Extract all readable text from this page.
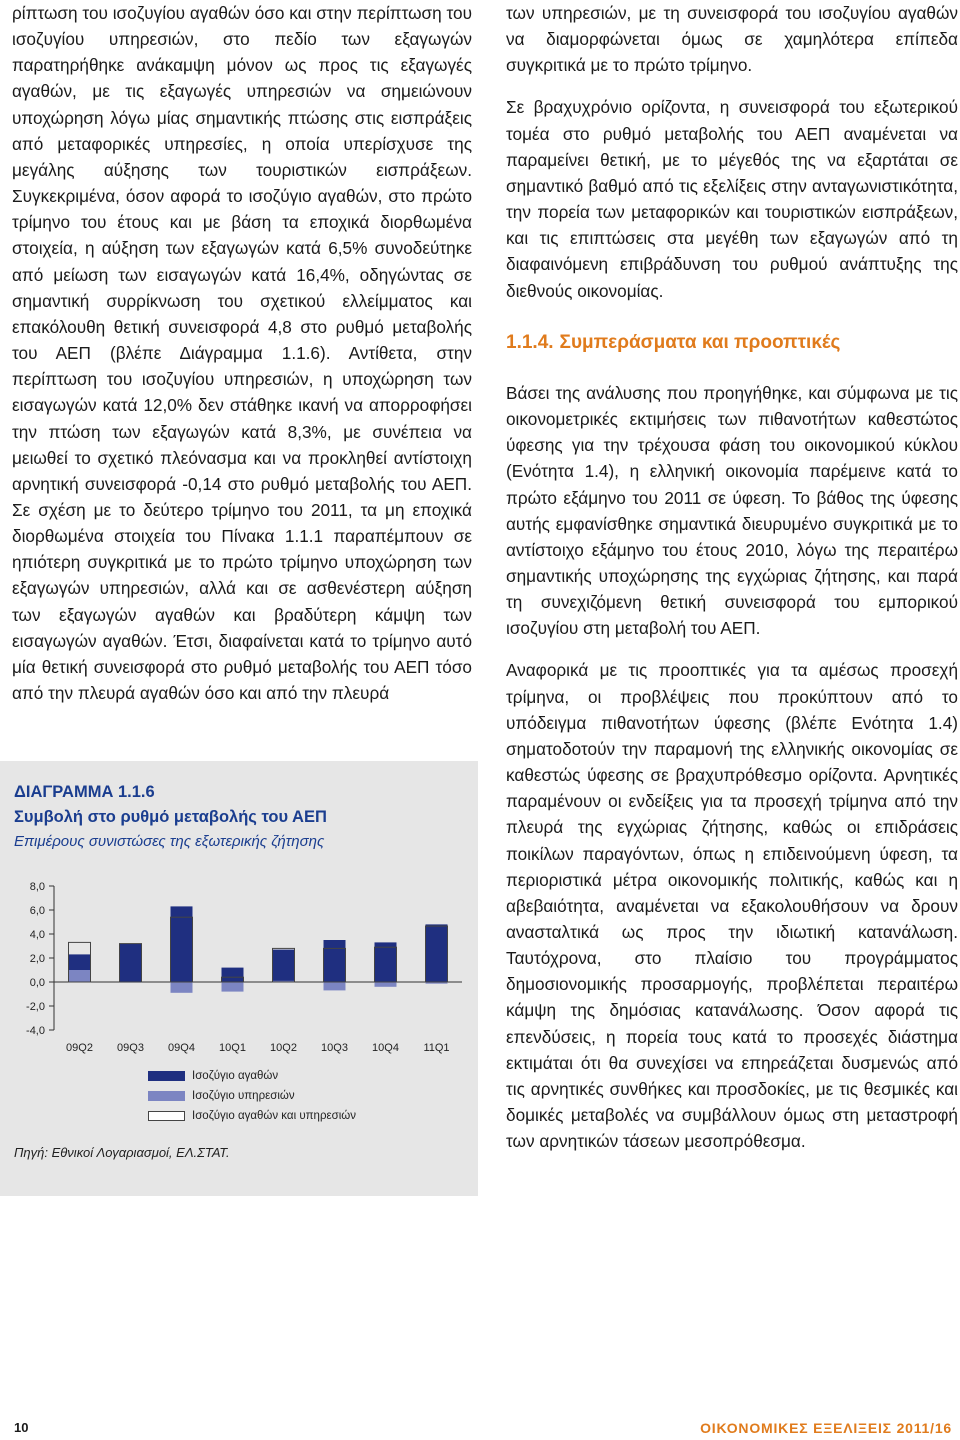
ρίπτωση του ισοζυγίου αγαθών όσο και στην περίπτωση του ισοζυγίου υπηρεσιών, στο πεδίο των εξαγωγών παρατηρήθηκε ανάκαμψη μόνον ως προς τις εξαγωγές αγαθών, με τις εξαγωγές υπηρεσιών να σημειώνουν υποχώρηση λόγω μίας σημαντικής πτώσης στις εισπράξεις από μεταφορικές υπηρεσίες, η οποία υπερίσχυσε της μεγάλης αύξησης των τουριστικών εισπράξεων. Συγκεκριμένα, όσον αφορά το ισοζύγιο αγαθών, στο πρώτο τρίμηνο του έτους και με βάση τα εποχικά διορθωμένα στοιχεία, η αύξηση των εξαγωγών κατά 6,5% συνοδεύτηκε από μείωση των εισαγωγών κατά 16,4%, οδηγώντας σε σημαντική συρρίκνωση του σχετικού ελλείμματος και επακόλουθη θετική συνεισφορά 4,8 στο ρυθμό μεταβολής του ΑΕΠ (βλέπε Διάγραμμα 1.1.6). Αντίθετα, στην περίπτωση του ισοζυγίου υπηρεσιών, η υποχώρηση των εισαγωγών κατά 12,0% δεν στάθηκε ικανή να απορροφήσει την πτώση των εξαγωγών κατά 8,3%, με συνέπεια να μειωθεί το σχετικό πλεόνασμα και να προκληθεί αντίστοιχη αρνητική συνεισφορά -0,14 στο ρυθμό μεταβολής του ΑΕΠ. Σε σχέση με το δεύτερο τρίμηνο του 2011, τα μη εποχικά διορθωμένα στοιχεία του Πίνακα 1.1.1 παραπέμπουν σε ηπιότερη συγκριτικά με το πρώτο τρίμηνο υποχώρηση των εξαγωγών υπηρεσιών, αλλά και σε ασθενέστερη αύξηση των εξαγωγών αγαθών και βραδύτερη κάμψη των εισαγωγών αγαθών. Έτσι, διαφαίνεται κατά το τρίμηνο αυτό μία θετική συνεισφορά στο ρυθμό μεταβολής του ΑΕΠ τόσο από την πλευρά αγαθών όσο και από την πλευρά

ΔΙΑΓΡΑΜΜΑ 1.1.6
Συμβολή στο ρυθμό μεταβολής του ΑΕΠ
Επιμέρους συνιστώσες της εξωτερικής ζήτησης
8,0
6,0
4,0
2,0
0,0
-2,0
-4,0
09Q2 09Q3 09Q4 10Q1 10Q2 10Q3 10Q4 11Q1
Ισοζύγιο αγαθών
Ισοζύγιο υπηρεσιών
Ισοζύγιο αγαθών και υπηρεσιών
Πηγή: Εθνικοί Λογαριασμοί, ΕΛ.ΣΤΑΤ.

των υπηρεσιών, με τη συνεισφορά του ισοζυγίου αγαθών να διαμορφώνεται όμως σε χαμηλότερα επίπεδα συγκριτικά με το πρώτο τρίμηνο.

Σε βραχυχρόνιο ορίζοντα, η συνεισφορά του εξωτερικού τομέα στο ρυθμό μεταβολής του ΑΕΠ αναμένεται να παραμείνει θετική, με το μέγεθός της να εξαρτάται σε σημαντικό βαθμό από τις εξελίξεις στην ανταγωνιστικότητα, την πορεία των μεταφορικών και τουριστικών εισπράξεων, και τις επιπτώσεις στα μεγέθη των εξαγωγών από τη διαφαινόμενη επιβράδυνση του ρυθμού ανάπτυξης της διεθνούς οικονομίας.

1.1.4. Συμπεράσματα και προοπτικές

Βάσει της ανάλυσης που προηγήθηκε, και σύμφωνα με τις οικονομετρικές εκτιμήσεις των πιθανοτήτων καθεστώτος ύφεσης για την τρέχουσα φάση του οικονομικού κύκλου (Ενότητα 1.4), η ελληνική οικονομία παρέμεινε κατά το πρώτο εξάμηνο του 2011 σε ύφεση. Το βάθος της ύφεσης αυτής εμφανίσθηκε σημαντικά διευρυμένο συγκριτικά με το αντίστοιχο εξάμηνο του έτους 2010, λόγω της περαιτέρω σημαντικής υποχώρησης της εγχώριας ζήτησης, και παρά τη συνεχιζόμενη θετική συνεισφορά του εμπορικού ισοζυγίου στη μεταβολή του ΑΕΠ.

Αναφορικά με τις προοπτικές για τα αμέσως προσεχή τρίμηνα, οι προβλέψεις που προκύπτουν από το υπόδειγμα πιθανοτήτων ύφεσης (βλέπε Ενότητα 1.4) σηματοδοτούν την παραμονή της ελληνικής οικονομίας σε καθεστώς ύφεσης σε βραχυπρόθεσμο ορίζοντα. Αρνητικές παραμένουν οι ενδείξεις για τα προσεχή τρίμηνα από την πλευρά της εγχώριας ζήτησης, καθώς οι επιδράσεις ποικίλων παραγόντων, όπως η επιδεινούμενη ύφεση, τα περιοριστικά μέτρα οικονομικής πολιτικής, καθώς και η αβεβαιότητα, αναμένεται να εξακολουθήσουν να δρουν ανασταλτικά ως προς την ιδιωτική κατανάλωση. Ταυτόχρονα, στο πλαίσιο του προγράμματος δημοσιονομικής προσαρμογής, προβλέπεται περαιτέρω κάμψη της δημόσιας κατανάλωσης. Όσον αφορά τις επενδύσεις, η πορεία τους κατά το προσεχές διάστημα εκτιμάται ότι θα συνεχίσει να επηρεάζεται δυσμενώς από τις αρνητικές συνθήκες και προσδοκίες, με τις θεσμικές και δομικές μεταβολές να συμβάλλουν όμως στη μεταστροφή των αρνητικών τάσεων μεσοπρόθεσμα.

10	ΟΙΚΟΝΟΜΙΚΕΣ ΕΞΕΛΙΞΕΙΣ 2011/16
